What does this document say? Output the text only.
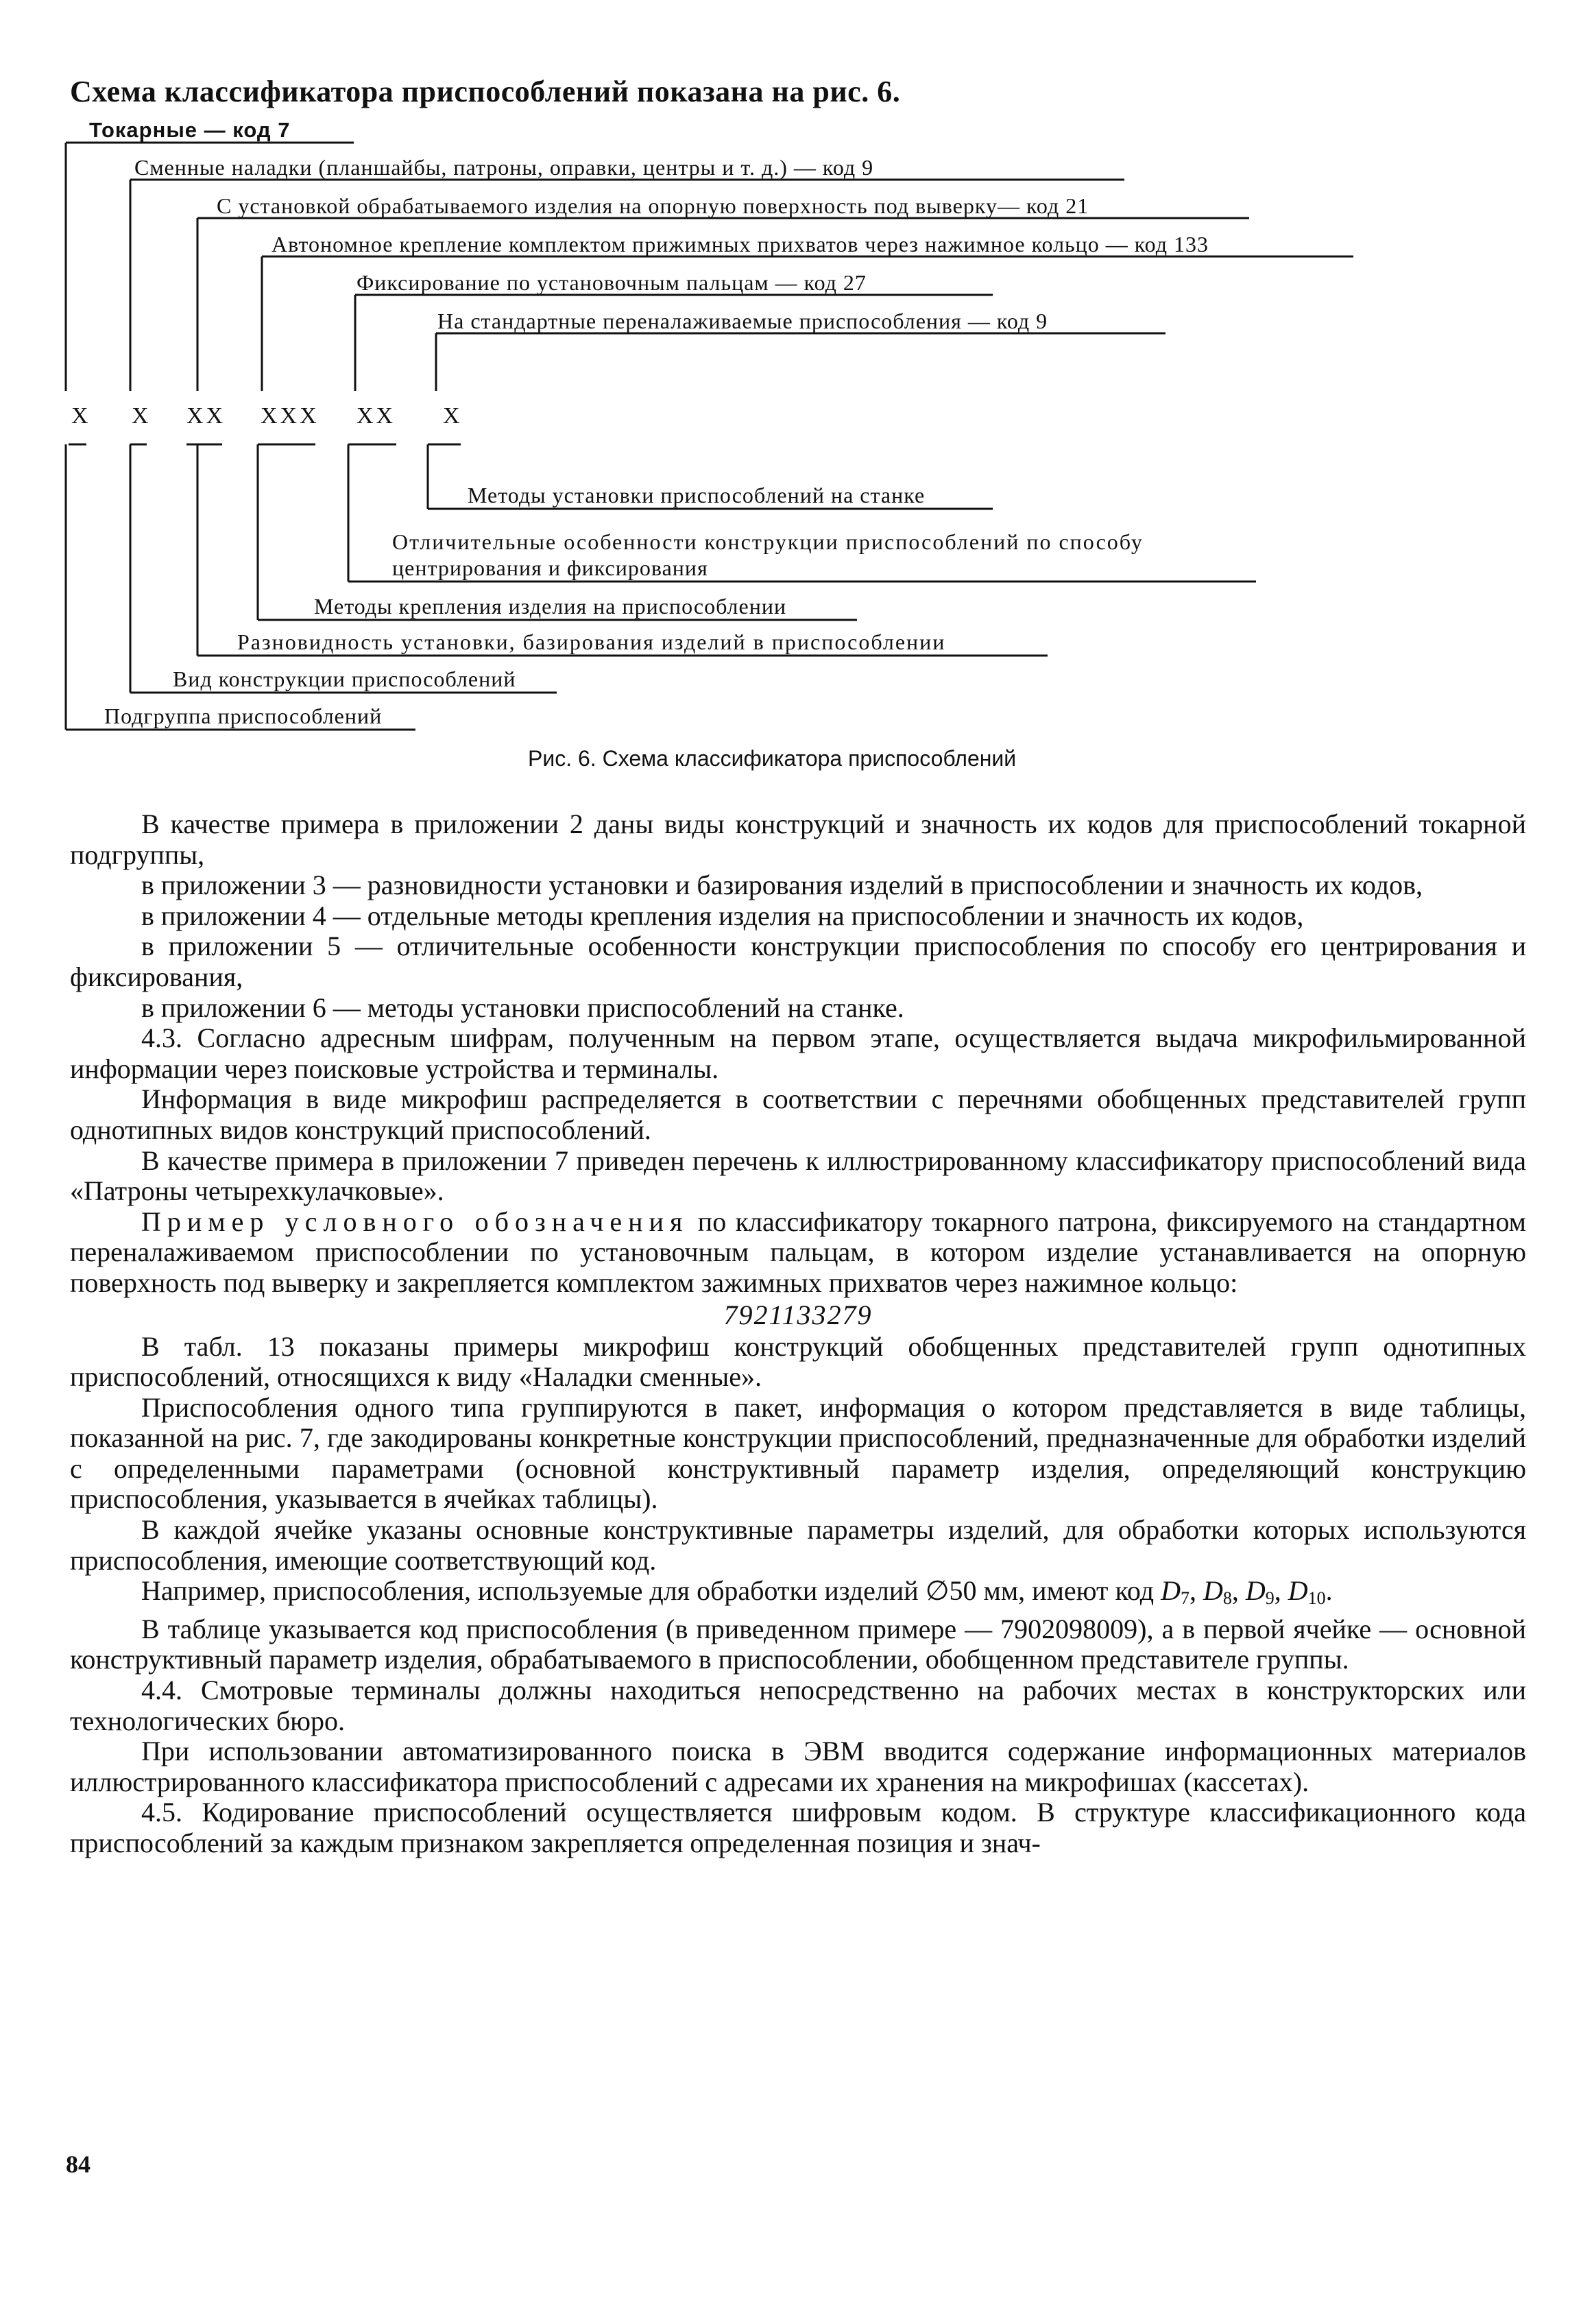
Схема классификатора приспособлений показана на рис. 6.
Токарные — код 7
Сменные наладки (планшайбы, патроны, оправки, центры и т. д.) — код 9
С установкой обрабатываемого изделия на опорную поверхность под выверку— код 21
Автономное крепление комплектом прижимных прихватов через нажимное кольцо — код 133
Фиксирование по установочным пальцам — код 27
На стандартные переналаживаемые приспособления — код 9
X X XX XXX XX X
Методы установки приспособлений на станке
Отличительные особенности конструкции приспособлений по способу
центрирования и фиксирования
Методы крепления изделия на приспособлении
Разновидность установки, базирования изделий в приспособлении
Вид конструкции приспособлений
Подгруппа приспособлений
Рис. 6. Схема классификатора приспособлений

В качестве примера в приложении 2 даны виды конструкций и значность их кодов для приспособлений токарной подгруппы,

в приложении 3 — разновидности установки и базирования изделий в приспособлении и значность их кодов,

в приложении 4 — отдельные методы крепления изделия на приспособлении и значность их кодов,

в приложении 5 — отличительные особенности конструкции приспособления по способу его центрирования и фиксирования,

в приложении 6 — методы установки приспособлений на станке.

4.3. Согласно адресным шифрам, полученным на первом этапе, осуществляется выдача микрофильмированной информации через поисковые устройства и терминалы.

Информация в виде микрофиш распределяется в соответствии с перечнями обобщенных представителей групп однотипных видов конструкций приспособлений.

В качестве примера в приложении 7 приведен перечень к иллюстрированному классификатору приспособлений вида «Патроны четырехкулачковые».

Пример условного обозначения по классификатору токарного патрона, фиксируемого на стандартном переналаживаемом приспособлении по установочным пальцам, в котором изделие устанавливается на опорную поверхность под выверку и закрепляется комплектом зажимных прихватов через нажимное кольцо:

7921133279

В табл. 13 показаны примеры микрофиш конструкций обобщенных представителей групп однотипных приспособлений, относящихся к виду «Наладки сменные».

Приспособления одного типа группируются в пакет, информация о котором представляется в виде таблицы, показанной на рис. 7, где закодированы конкретные конструкции приспособлений, предназначенные для обработки изделий с определенными параметрами (основной конструктивный параметр изделия, определяющий конструкцию приспособления, указывается в ячейках таблицы).

В каждой ячейке указаны основные конструктивные параметры изделий, для обработки которых используются приспособления, имеющие соответствующий код.

Например, приспособления, используемые для обработки изделий ∅50 мм, имеют код $D_7$, $D_8$, $D_9$, $D_{10}$.

В таблице указывается код приспособления (в приведенном примере — 7902098009), а в первой ячейке — основной конструктивный параметр изделия, обрабатываемого в приспособлении, обобщенном представителе группы.

4.4. Смотровые терминалы должны находиться непосредственно на рабочих местах в конструкторских или технологических бюро.

При использовании автоматизированного поиска в ЭВМ вводится содержание информационных материалов иллюстрированного классификатора приспособлений с адресами их хранения на микрофишах (кассетах).

4.5. Кодирование приспособлений осуществляется шифровым кодом. В структуре классификационного кода приспособлений за каждым признаком закрепляется определенная позиция и знач-

84
